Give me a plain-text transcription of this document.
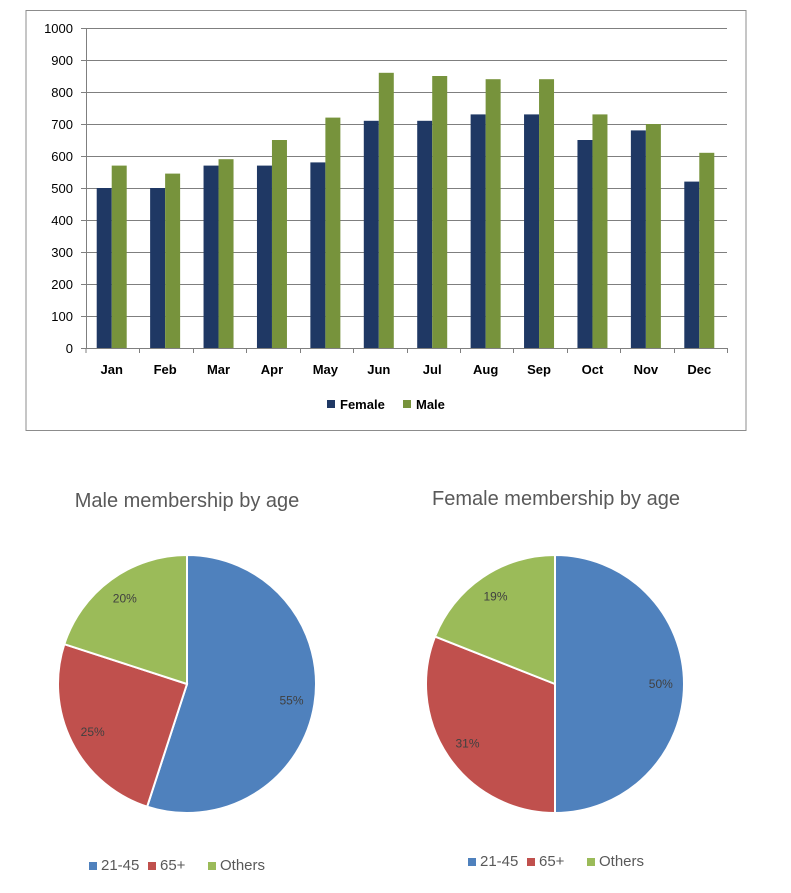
0
100
200
300
400
500
600
700
800
900
1000
Jan Feb Mar Apr May Jun Jul Aug Sep Oct Nov Dec
Female Male
Male membership by age
55%
25%
20%
21-45 65+ Others
Female membership by age
50%
31%
19%
21-45 65+ Others
